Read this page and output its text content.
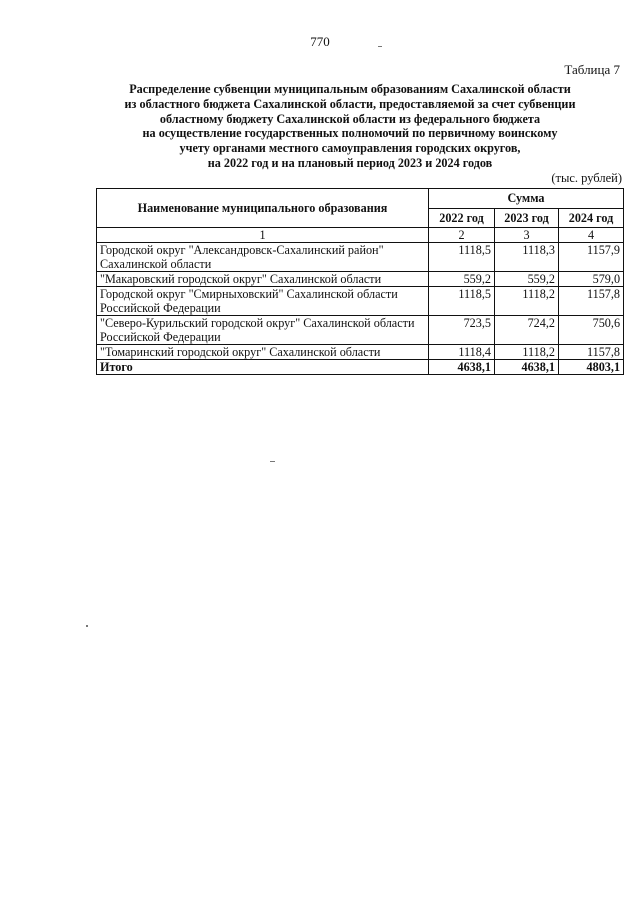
770
Таблица 7
Распределение субвенции муниципальным образованиям Сахалинской области
из областного бюджета Сахалинской области, предоставляемой за счет субвенции
областному бюджету Сахалинской области из федерального бюджета
на осуществление государственных полномочий по первичному воинскому
учету органами местного самоуправления городских округов,
на 2022 год и на плановый период 2023 и 2024 годов
(тыс. рублей)
Наименование муниципального образования	Сумма		
	2022 год	2023 год	2024 год
1	2	3	4
Городской округ "Александровск-Сахалинский район" Сахалинской области	1118,5	1118,3	1157,9
"Макаровский городской округ" Сахалинской области	559,2	559,2	579,0
Городской округ "Смирныховский" Сахалинской области Российской Федерации	1118,5	1118,2	1157,8
"Северо-Курильский городской округ" Сахалинской области Российской Федерации	723,5	724,2	750,6
"Томаринский городской округ" Сахалинской области	1118,4	1118,2	1157,8
Итого	4638,1	4638,1	4803,1
